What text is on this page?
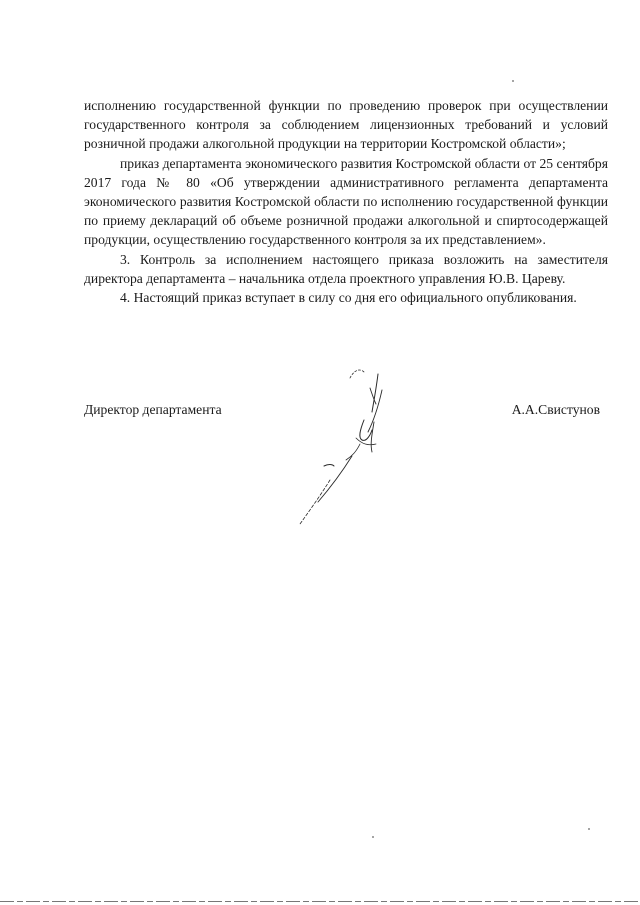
исполнению государственной функции по проведению проверок при осуществлении государственного контроля за соблюдением лицензионных требований и условий розничной продажи алкогольной продукции на территории Костромской области»;

приказ департамента экономического развития Костромской области от 25 сентября 2017 года № 80 «Об утверждении административного регламента департамента экономического развития Костромской области по исполнению государственной функции по приему деклараций об объеме розничной продажи алкогольной и спиртосодержащей продукции, осуществлению государственного контроля за их представлением».

3. Контроль за исполнением настоящего приказа возложить на заместителя директора департамента – начальника отдела проектного управления Ю.В. Цареву.

4. Настоящий приказ вступает в силу со дня его официального опубликования.

Директор департамента	А.А.Свистунов
